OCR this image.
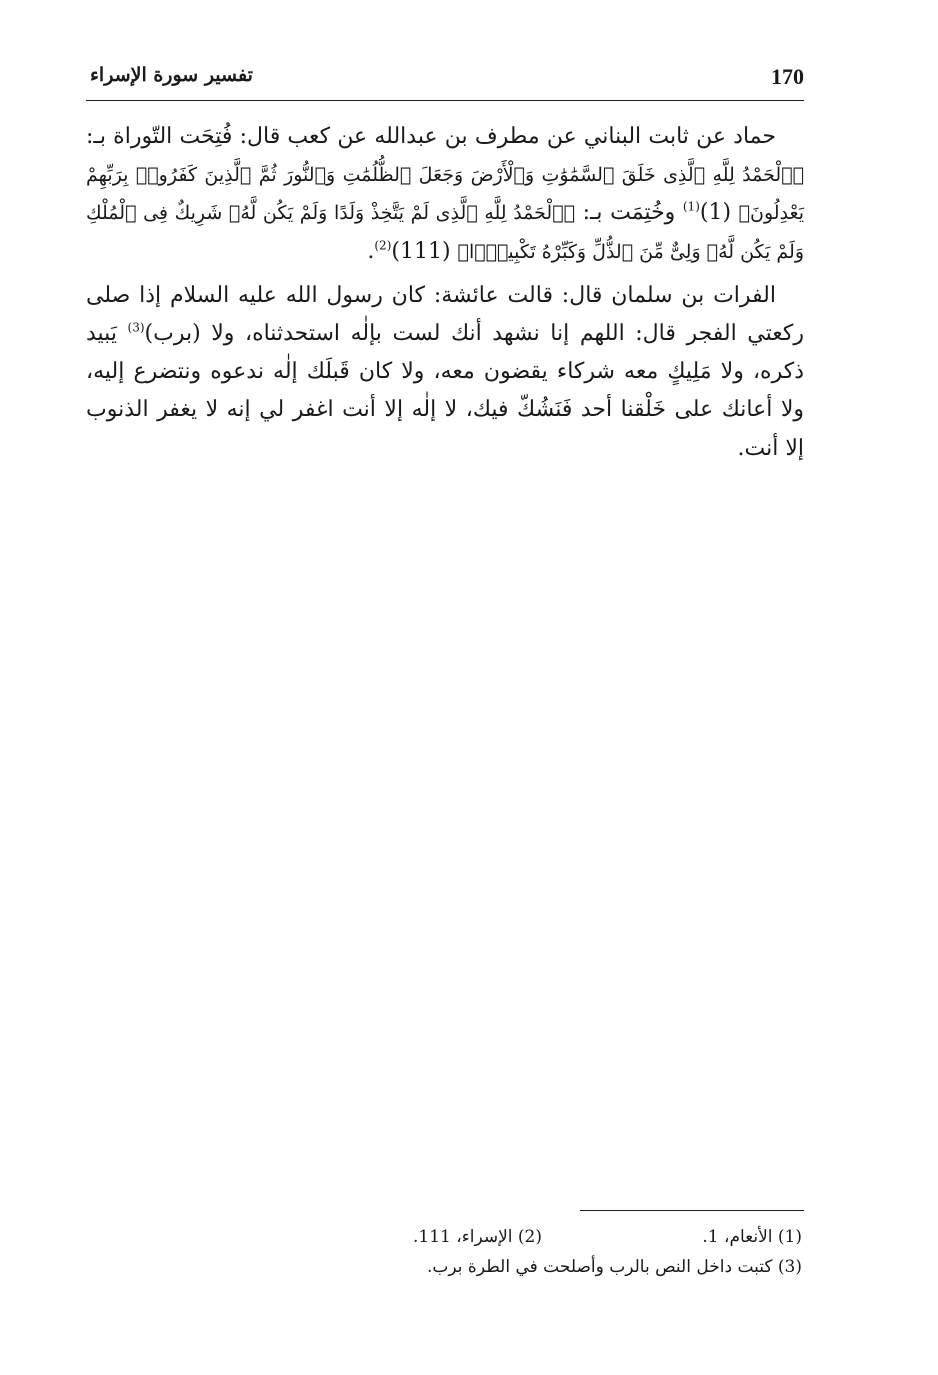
170
تفسير سورة الإسراء

حماد عن ثابت البناني عن مطرف بن عبدالله عن كعب قال: فُتِحَت التّوراة بـ: ﴿ٱلْحَمْدُ لِلَّهِ ٱلَّذِى خَلَقَ ٱلسَّمَٰوَٰتِ وَٱلْأَرْضَ وَجَعَلَ ٱلظُّلُمَٰتِ وَٱلنُّورَ ثُمَّ ٱلَّذِينَ كَفَرُوا۟ بِرَبِّهِمْ يَعْدِلُونَ﴾ $(1)^{(1)}$ وخُتِمَت بـ: ﴿ٱلْحَمْدُ لِلَّهِ ٱلَّذِى لَمْ يَتَّخِذْ وَلَدًا وَلَمْ يَكُن لَّهُۥ شَرِيكٌ فِى ٱلْمُلْكِ وَلَمْ يَكُن لَّهُۥ وَلِىٌّ مِّنَ ٱلذُّلِّ وَكَبِّرْهُ تَكْبِيرًۢا﴾ $(111)^{(2)}$.

الفرات بن سلمان قال: قالت عائشة: كان رسول الله عليه السلام إذا صلى ركعتي الفجر قال: اللهم إنا نشهد أنك لست بإلٰه استحدثناه، ولا (برب)$^{(3)}$ يَبيد ذكره، ولا مَلِيكٍ معه شركاء يقضون معه، ولا كان قَبلَك إلٰه ندعوه ونتضرع إليه، ولا أعانك على خَلْقنا أحد فَنَشُكّ فيك، لا إلٰه إلا أنت اغفر لي إنه لا يغفر الذنوب إلا أنت.

(1) الأنعام، 1.
(2) الإسراء، 111.
(3) كتبت داخل النص بالرب وأصلحت في الطرة برب.
